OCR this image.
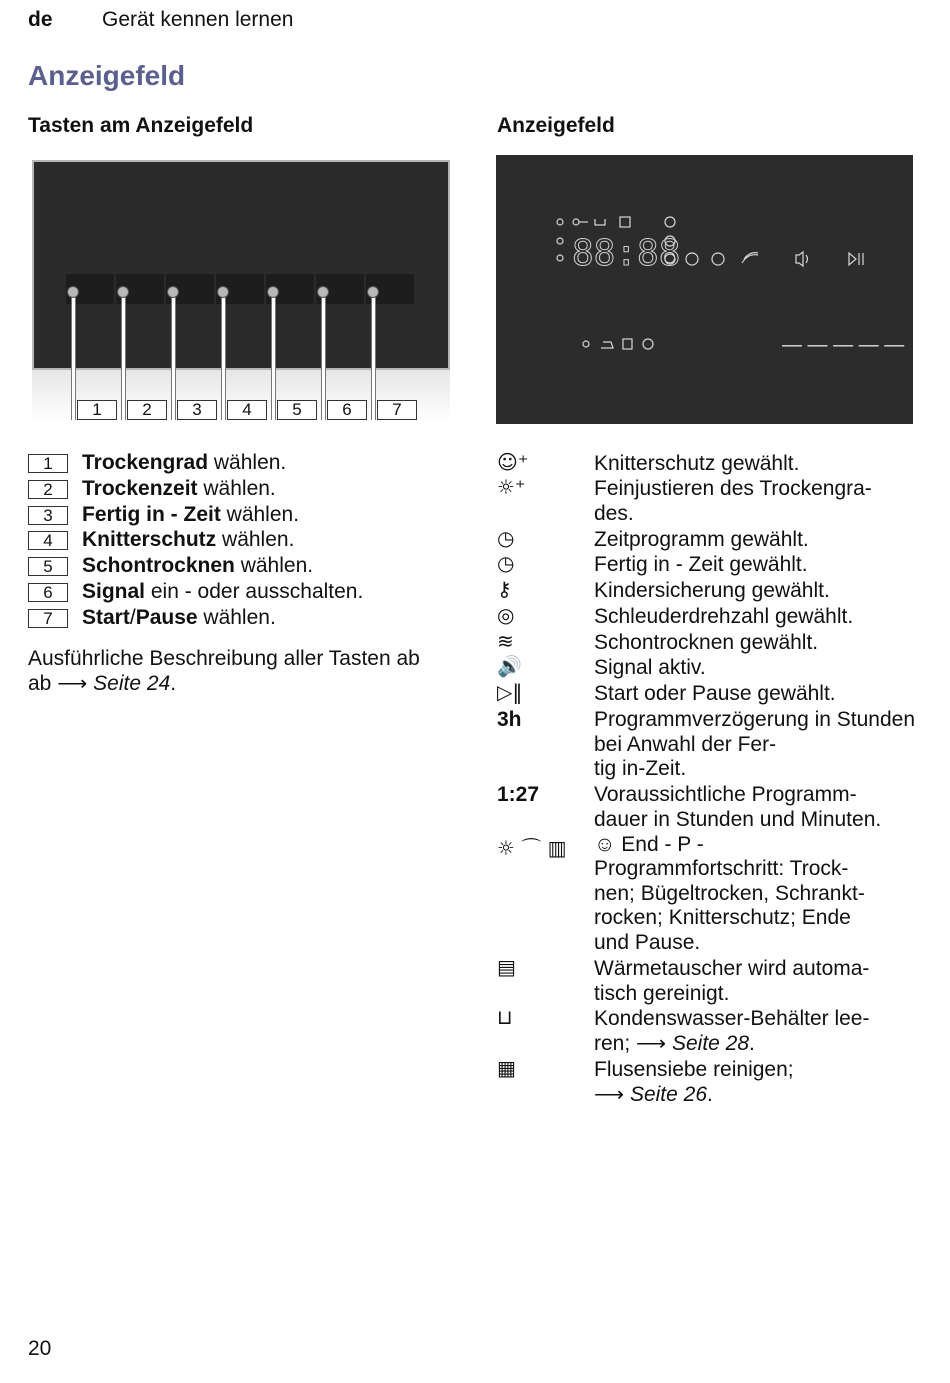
de Gerät kennen lernen
Anzeigefeld
Tasten am Anzeigefeld	Anzeigefeld
1	2	3	4	5	6	7
88:88
— — — — —
1 Trockengrad wählen.
2 Trockenzeit wählen.
3 Fertig in - Zeit wählen.
4 Knitterschutz wählen.
5 Schontrocknen wählen.
6 Signal ein - oder ausschalten.
7 Start/Pause wählen.
Ausführliche Beschreibung aller Tasten ab
ab ⟶ Seite 24.
☺⁺	Knitterschutz gewählt.
☼⁺	Feinjustieren des Trockengra-
des.
◷	Zeitprogramm gewählt.
◷	Fertig in - Zeit gewählt.
⚷	Kindersicherung gewählt.
◎	Schleuderdrehzahl gewählt.
≋	Schontrocknen gewählt.
🔊	Signal aktiv.
▷‖	Start oder Pause gewählt.
3h	Programmverzögerung in Stunden bei Anwahl der Fer-
tig in-Zeit.
1:27	Voraussichtliche Programm-
dauer in Stunden und Minuten.
☼ ⌒ ▥ ☺ End - P -
Programmfortschritt: Trock-
nen; Bügeltrocken, Schrankt-
rocken; Knitterschutz; Ende
und Pause.
▤	Wärmetauscher wird automa-
tisch gereinigt.
⊔	Kondenswasser-Behälter lee-
ren; ⟶ Seite 28.
▦	Flusensiebe reinigen;
⟶ Seite 26.
20
